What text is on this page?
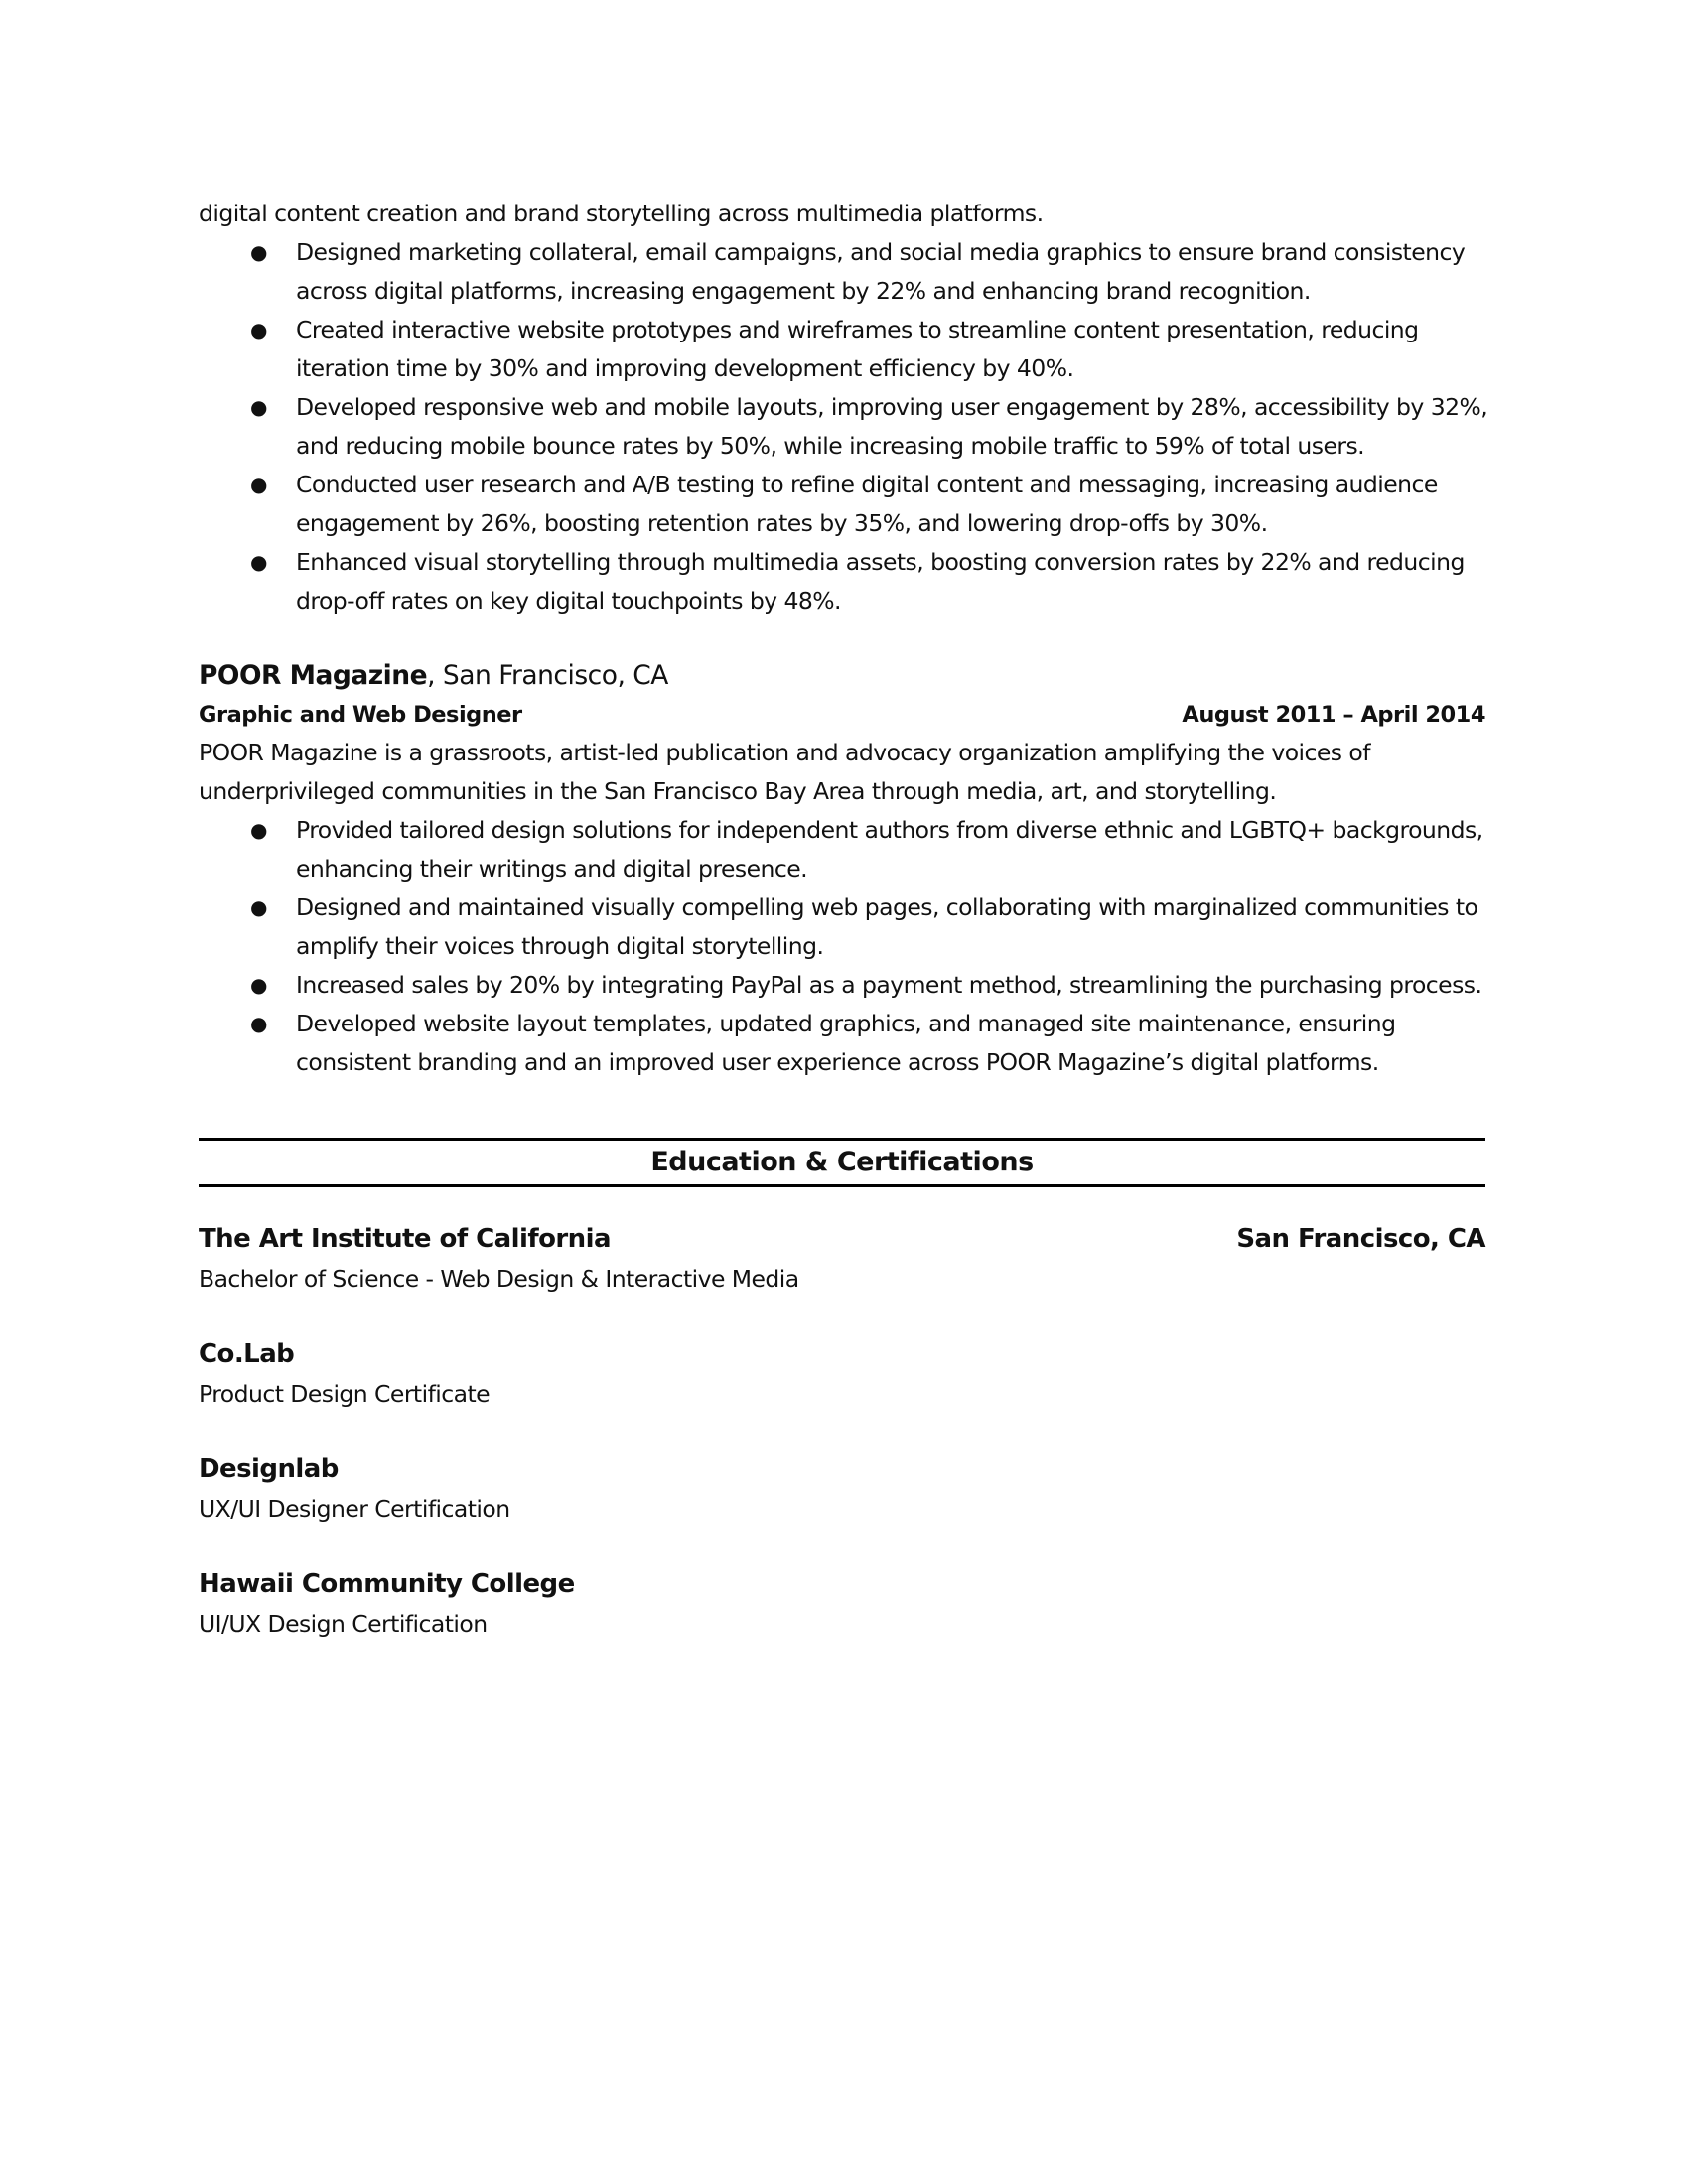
digital content creation and brand storytelling across multimedia platforms.
● Designed marketing collateral, email campaigns, and social media graphics to ensure brand consistency
across digital platforms, increasing engagement by 22% and enhancing brand recognition.
● Created interactive website prototypes and wireframes to streamline content presentation, reducing
iteration time by 30% and improving development efficiency by 40%.
● Developed responsive web and mobile layouts, improving user engagement by 28%, accessibility by 32%,
and reducing mobile bounce rates by 50%, while increasing mobile traffic to 59% of total users.
● Conducted user research and A/B testing to refine digital content and messaging, increasing audience
engagement by 26%, boosting retention rates by 35%, and lowering drop-offs by 30%.
● Enhanced visual storytelling through multimedia assets, boosting conversion rates by 22% and reducing
drop-off rates on key digital touchpoints by 48%.
POOR Magazine, San Francisco, CA
Graphic and Web Designer	August 2011 – April 2014
POOR Magazine is a grassroots, artist-led publication and advocacy organization amplifying the voices of
underprivileged communities in the San Francisco Bay Area through media, art, and storytelling.
● Provided tailored design solutions for independent authors from diverse ethnic and LGBTQ+ backgrounds,
enhancing their writings and digital presence.
● Designed and maintained visually compelling web pages, collaborating with marginalized communities to
amplify their voices through digital storytelling.
● Increased sales by 20% by integrating PayPal as a payment method, streamlining the purchasing process.
● Developed website layout templates, updated graphics, and managed site maintenance, ensuring
consistent branding and an improved user experience across POOR Magazine’s digital platforms.
Education & Certifications
The Art Institute of California	San Francisco, CA
Bachelor of Science - Web Design & Interactive Media
Co.Lab
Product Design Certificate
Designlab
UX/UI Designer Certification
Hawaii Community College
UI/UX Design Certification
